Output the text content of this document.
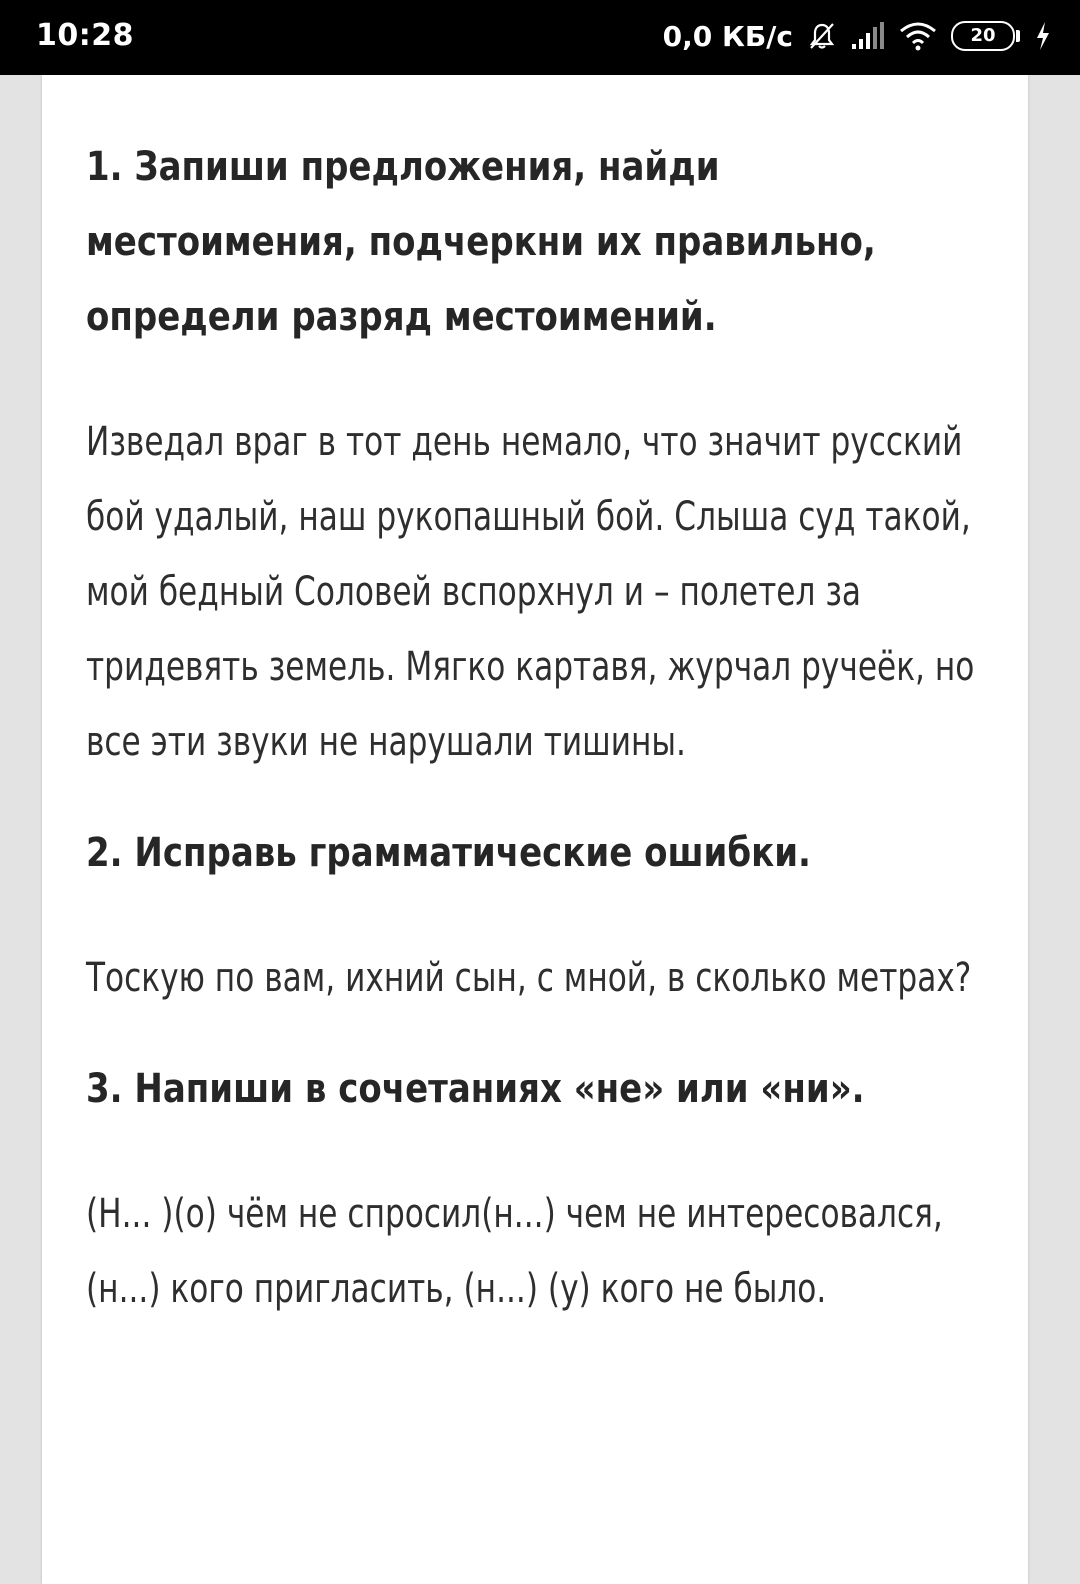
10:28	0,0 КБ/с	20
1. Запиши предложения, найди местоимения, подчеркни их правильно, определи разряд местоимений.

Изведал враг в тот день немало, что значит русский бой удалый, наш рукопашный бой. Слыша суд такой, мой бедный Соловей вспорхнул и – полетел за тридевять земель. Мягко картавя, журчал ручеёк, но все эти звуки не нарушали тишины.

2. Исправь грамматические ошибки.

Тоскую по вам, ихний сын, с мной, в сколько метрах?

3. Напиши в сочетаниях «не» или «ни».

(Н... )(о) чём не спросил(н...) чем не интересовался, (н...) кого пригласить, (н...) (у) кого не было.
